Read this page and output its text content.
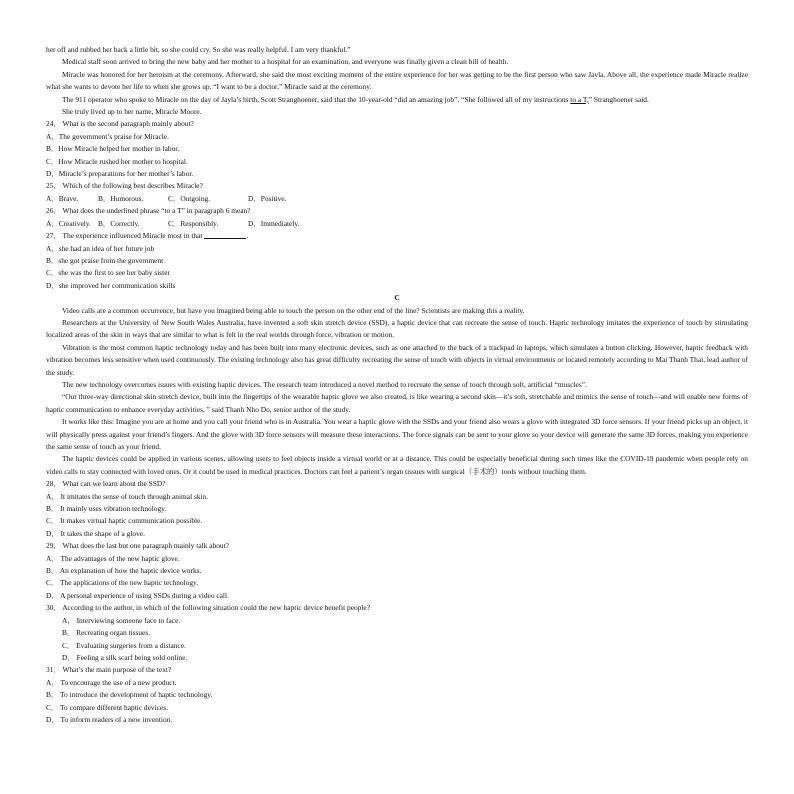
her off and rubbed her back a little bit, so she could cry. So she was really helpful. I am very thankful.”
Medical staff soon arrived to bring the new baby and her mother to a hospital for an examination, and everyone was finally given a clean bill of health.
Miracle was honored for her heroism at the ceremony. Afterward, she said the most exciting moment of the entire experience for her was getting to be the first person who saw Jayla. Above all, the experience made Miracle realize what she wants to devote her life to when she grows up. “I want to be a doctor,” Miracle said at the ceremony.
The 911 operator who spoke to Miracle on the day of Jayla’s birth, Scott Stranghoener, said that the 10-year-old “did an amazing job”. “She followed all of my instructions to a T,” Stranghoener said.
She truly lived up to her name, Miracle Moore.
24． What is the second paragraph mainly about?
A．The government’s praise for Miracle.
B．How Miracle helped her mother in labor.
C．How Miracle rushed her mother to hospital.
D．Miracle’s preparations for her mother’s labor.
25． Which of the following best describes Miracle?
A．Brave.	B．Humorous.	C．Outgoing.	D．Positive.
26． What does the underlined phrase “to a T” in paragraph 6 mean?
A．Creatively. B．Correctly.	C．Responsibly.	D．Immediately.
27． The experience influenced Miracle most in that	.
A．she had an idea of her future job
B．she got praise from the government
C．she was the first to see her baby sister
D．she improved her communication skills
C
Video calls are a common occurrence, but have you imagined being able to touch the person on the other end of the line? Scientists are making this a reality.
Researchers at the University of New South Wales Australia, have invented a soft skin stretch device (SSD), a haptic device that can recreate the sense of touch. Haptic technology imitates the experience of touch by stimulating localized areas of the skin in ways that are similar to what is felt in the real worlds through force, vibration or motion.
Vibration is the most common haptic technology today and has been built into many electronic devices, such as one attached to the back of a trackpad in laptops, which simulates a button clicking. However, haptic feedback with vibration becomes less sensitive when used continuously. The existing technology also has great difficulty recreating the sense of touch with objects in virtual environments or located remotely according to Mai Thanh Thai, lead author of the study.
The new technology overcomes issues with existing haptic devices. The research team introduced a novel method to recreate the sense of touch through soft, artificial “muscles”.
“Our three-way directional skin stretch device, built into the fingertips of the wearable haptic glove we also created, is like wearing a second skin—it’s soft, stretchable and mimics the sense of touch—and will enable new forms of haptic communication to enhance everyday activities, ” said Thanh Nho Do, senior author of the study.
It works like this: Imagine you are at home and you call your friend who is in Australia. You wear a haptic glove with the SSDs and your friend also wears a glove with integrated 3D force sensors. If your friend picks up an object, it will physically press against your friend’s fingers. And the glove with 3D force sensors will measure these interactions. The force signals can be sent to your glove so your device will generate the same 3D forces, making you experience the same sense of touch as your friend.
The haptic devices could be applied in various scenes, allowing users to feel objects inside a virtual world or at a distance. This could be especially beneficial during such times like the COVID-19 pandemic when people rely on video calls to stay connected with loved ones. Or it could be used in medical practices. Doctors can feel a patient’s organ tissues with surgical（手术的）tools without touching them.
28． What can we learn about the SSD?
A． It imitates the sense of touch through animal skin.
B． It mainly uses vibration technology.
C． It makes virtual haptic communication possible.
D． It takes the shape of a glove.
29． What does the last but one paragraph mainly talk about?
A． The advantages of the new haptic glove.
B． An explanation of how the haptic device works.
C． The applications of the new haptic technology.
D． A personal experience of using SSDs during a video call.
30． According to the author, in which of the following situation could the new haptic device benefit people?
A． Interviewing someone face to face.
B． Recreating organ tissues.
C． Evaluating surgeries from a distance.
D． Feeling a silk scarf being sold online.
31． What’s the main purpose of the text?
A． To encourage the use of a new product.
B． To introduce the development of haptic technology.
C． To compare different haptic devices.
D． To inform readers of a new invention.
